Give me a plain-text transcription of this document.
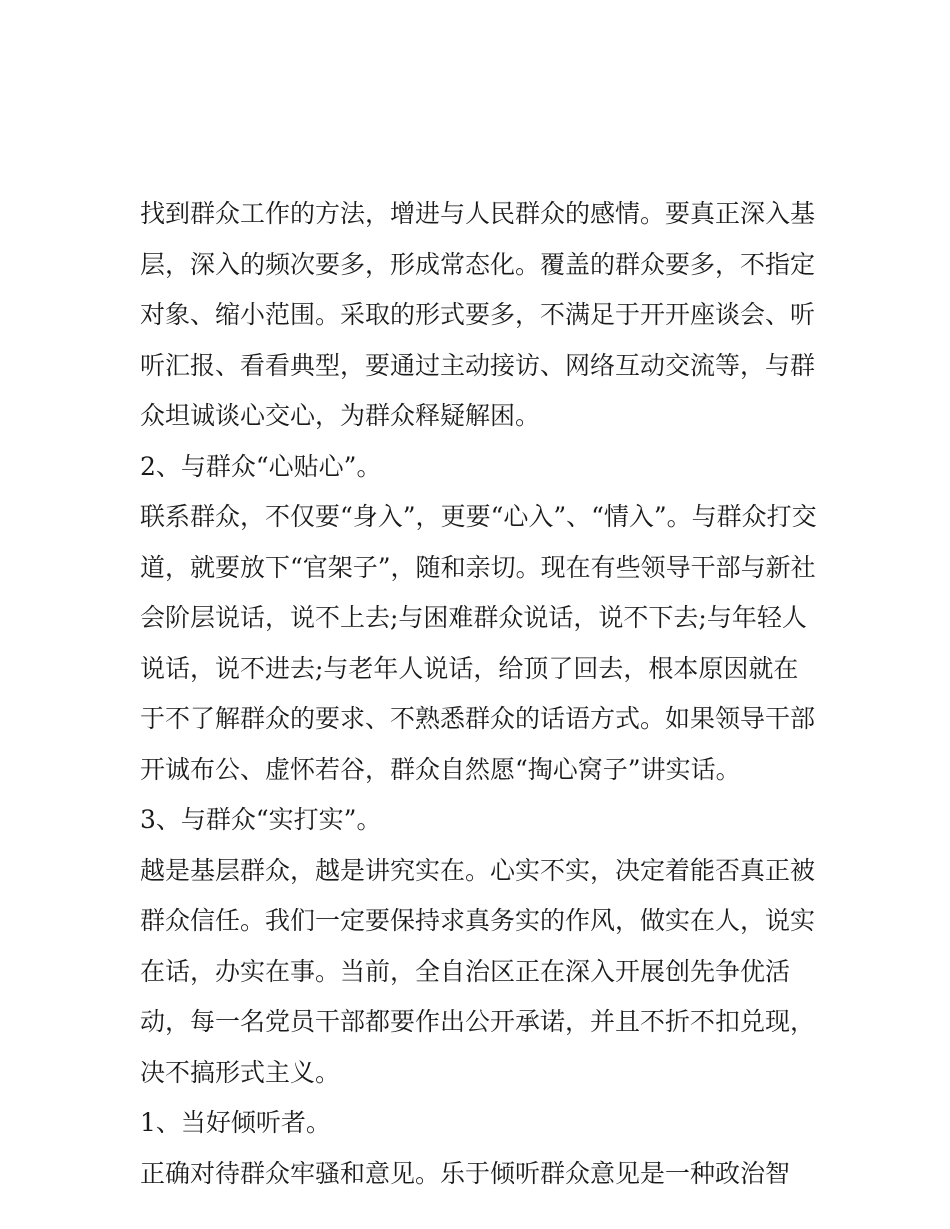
找到群众工作的方法，增进与人民群众的感情。要真正深入基
层，深入的频次要多，形成常态化。覆盖的群众要多，不指定
对象、缩小范围。采取的形式要多，不满足于开开座谈会、听
听汇报、看看典型，要通过主动接访、网络互动交流等，与群
众坦诚谈心交心，为群众释疑解困。
2、与群众“心贴心”。
联系群众，不仅要“身入”，更要“心入”、“情入”。与群众打交
道，就要放下“官架子”，随和亲切。现在有些领导干部与新社
会阶层说话，说不上去;与困难群众说话，说不下去;与年轻人
说话，说不进去;与老年人说话，给顶了回去，根本原因就在
于不了解群众的要求、不熟悉群众的话语方式。如果领导干部
开诚布公、虚怀若谷，群众自然愿“掏心窝子”讲实话。
3、与群众“实打实”。
越是基层群众，越是讲究实在。心实不实，决定着能否真正被
群众信任。我们一定要保持求真务实的作风，做实在人，说实
在话，办实在事。当前，全自治区正在深入开展创先争优活
动，每一名党员干部都要作出公开承诺，并且不折不扣兑现，
决不搞形式主义。
1、当好倾听者。
正确对待群众牢骚和意见。乐于倾听群众意见是一种政治智
